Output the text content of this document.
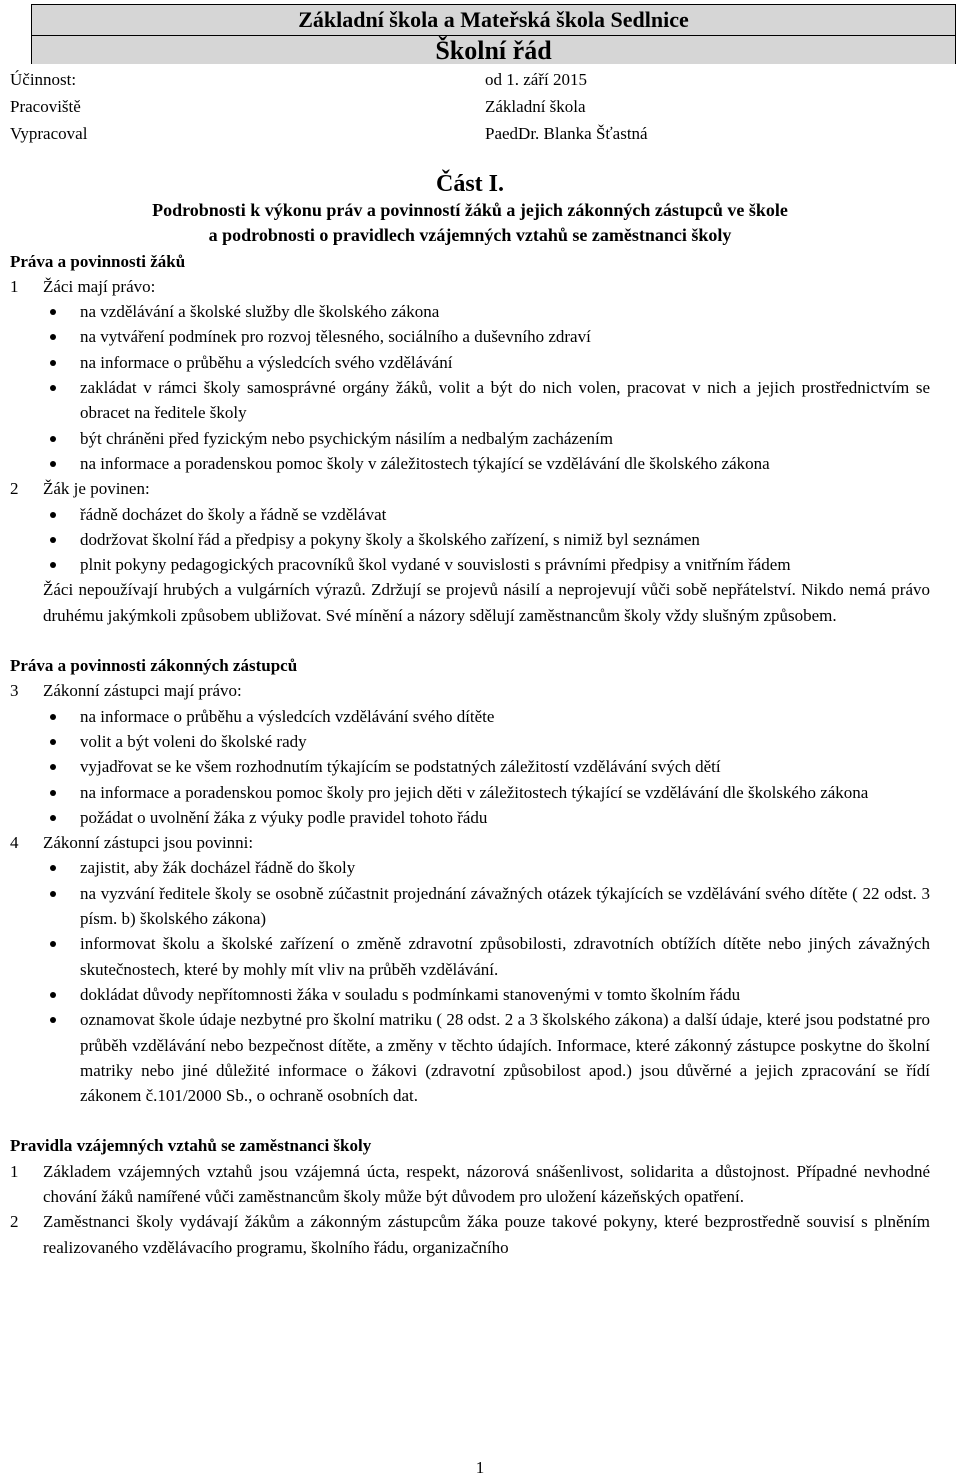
Základní škola a Mateřská škola Sedlnice
Školní řád
Účinnost:	od 1. září 2015
Pracoviště	Základní škola
Vypracoval	PaedDr. Blanka Šťastná
Část I.
Podrobnosti k výkonu práv a povinností žáků a jejich zákonných zástupců ve škole
a podrobnosti o pravidlech vzájemných vztahů se zaměstnanci školy
Práva a povinnosti žáků
1 Žáci mají právo:
na vzdělávání a školské služby dle školského zákona
na vytváření podmínek pro rozvoj tělesného, sociálního a duševního zdraví
na informace o průběhu a výsledcích svého vzdělávání
zakládat v rámci školy samosprávné orgány žáků, volit a být do nich volen, pracovat v nich a jejich prostřednictvím se obracet na ředitele školy
být chráněni před fyzickým nebo psychickým násilím a nedbalým zacházením
na informace a poradenskou pomoc školy v záležitostech týkající se vzdělávání dle školského zákona
2 Žák je povinen:
řádně docházet do školy a řádně se vzdělávat
dodržovat školní řád a předpisy a pokyny školy a školského zařízení, s nimiž byl seznámen
plnit pokyny pedagogických pracovníků škol vydané v souvislosti s právními předpisy a vnitřním řádem
Žáci nepoužívají hrubých a vulgárních výrazů. Zdržují se projevů násilí a neprojevují vůči sobě nepřátelství. Nikdo nemá právo druhému jakýmkoli způsobem ubližovat. Své mínění a názory sdělují zaměstnancům školy vždy slušným způsobem.
Práva a povinnosti zákonných zástupců
3 Zákonní zástupci mají právo:
na informace o průběhu a výsledcích vzdělávání svého dítěte
volit a být voleni do školské rady
vyjadřovat se ke všem rozhodnutím týkajícím se podstatných záležitostí vzdělávání svých dětí
na informace a poradenskou pomoc školy pro jejich děti v záležitostech týkající se vzdělávání dle školského zákona
požádat o uvolnění žáka z výuky podle pravidel tohoto řádu
4 Zákonní zástupci jsou povinni:
zajistit, aby žák docházel řádně do školy
na vyzvání ředitele školy se osobně zúčastnit projednání závažných otázek týkajících se vzdělávání svého dítěte ( 22 odst. 3 písm. b) školského zákona)
informovat školu a školské zařízení o změně zdravotní způsobilosti, zdravotních obtížích dítěte nebo jiných závažných skutečnostech, které by mohly mít vliv na průběh vzdělávání.
dokládat důvody nepřítomnosti žáka v souladu s podmínkami stanovenými v tomto školním řádu
oznamovat škole údaje nezbytné pro školní matriku ( 28 odst. 2 a 3 školského zákona) a další údaje, které jsou podstatné pro průběh vzdělávání nebo bezpečnost dítěte, a změny v těchto údajích. Informace, které zákonný zástupce poskytne do školní matriky nebo jiné důležité informace o žákovi (zdravotní způsobilost apod.) jsou důvěrné a jejich zpracování se řídí zákonem č.101/2000 Sb., o ochraně osobních dat.
Pravidla vzájemných vztahů se zaměstnanci školy
1 Základem vzájemných vztahů jsou vzájemná úcta, respekt, názorová snášenlivost, solidarita a důstojnost. Případné nevhodné chování žáků namířené vůči zaměstnancům školy může být důvodem pro uložení kázeňských opatření.
2 Zaměstnanci školy vydávají žákům a zákonným zástupcům žáka pouze takové pokyny, které bezprostředně souvisí s plněním realizovaného vzdělávacího programu, školního řádu, organizačního
1
